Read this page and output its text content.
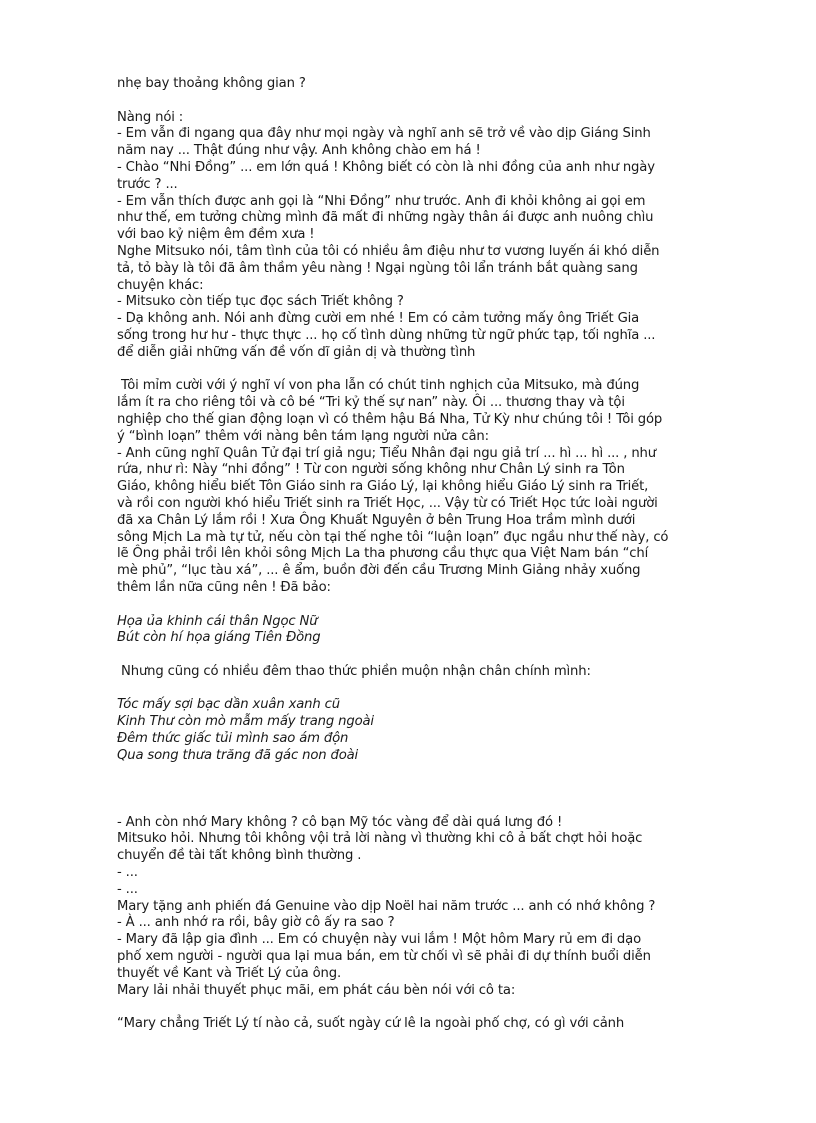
nhẹ bay thoảng không gian ?
Nàng nói :
- Em vẫn đi ngang qua đây như mọi ngày và nghĩ anh sẽ trở về vào dịp Giáng Sinh
năm nay ... Thật đúng như vậy. Anh không chào em há !
- Chào “Nhi Đồng” ... em lớn quá ! Không biết có còn là nhi đồng của anh như ngày
trước ? ...
- Em vẫn thích được anh gọi là “Nhi Đồng” như trước. Anh đi khỏi không ai gọi em
như thế, em tưởng chừng mình đã mất đi những ngày thân ái được anh nuông chìu
với bao kỷ niệm êm đềm xưa !
Nghe Mitsuko nói, tâm tình của tôi có nhiều âm điệu như tơ vương luyến ái khó diễn
tả, tỏ bày là tôi đã âm thầm yêu nàng ! Ngại ngùng tôi lẩn tránh bắt quàng sang
chuyện khác:
- Mitsuko còn tiếp tục đọc sách Triết không ?
- Dạ không anh. Nói anh đừng cười em nhé ! Em có cảm tưởng mấy ông Triết Gia
sống trong hư hư - thực thực ... họ cố tình dùng những từ ngữ phức tạp, tối nghĩa ...
để diễn giải những vấn đề vốn dĩ giản dị và thường tình
Tôi mỉm cười với ý nghĩ ví von pha lẫn có chút tinh nghịch của Mitsuko, mà đúng
lắm ít ra cho riêng tôi và cô bé “Tri kỷ thế sự nan” này. Ôi ... thương thay và tội
nghiệp cho thế gian động loạn vì có thêm hậu Bá Nha, Tử Kỳ như chúng tôi ! Tôi góp
ý “bình loạn” thêm với nàng bên tám lạng người nửa cân:
- Anh cũng nghĩ Quân Tử đại trí giả ngu; Tiểu Nhân đại ngu giả trí ... hì ... hì ... , như
rứa, như rì: Này “nhi đồng” ! Từ con người sống không như Chân Lý sinh ra Tôn
Giáo, không hiểu biết Tôn Giáo sinh ra Giáo Lý, lại không hiểu Giáo Lý sinh ra Triết,
và rồi con người khó hiểu Triết sinh ra Triết Học, ... Vậy từ có Triết Học tức loài người
đã xa Chân Lý lắm rồi ! Xưa Ông Khuất Nguyên ở bên Trung Hoa trầm mình dưới
sông Mịch La mà tự tử, nếu còn tại thế nghe tôi “luận loạn” đục ngầu như thế này, có
lẽ Ông phải trồi lên khỏi sông Mịch La tha phương cầu thực qua Việt Nam bán “chí
mè phủ”, “lục tàu xá”, ... ê ẩm, buồn đời đến cầu Trương Minh Giảng nhảy xuống
thêm lần nữa cũng nên ! Đã bảo:
Họa ủa khinh cái thân Ngọc Nữ
Bút còn hí họa giáng Tiên Đồng
Nhưng cũng có nhiều đêm thao thức phiền muộn nhận chân chính mình:
Tóc mấy sợi bạc dần xuân xanh cũ
Kinh Thư còn mò mẫm mấy trang ngoài
Đêm thức giấc tủi mình sao ám độn
Qua song thưa trăng đã gác non đoài
- Anh còn nhớ Mary không ? cô bạn Mỹ tóc vàng để dài quá lưng đó !
Mitsuko hỏi. Nhưng tôi không vội trả lời nàng vì thường khi cô ả bất chợt hỏi hoặc
chuyển đề tài tất không bình thường .
- ...
- ...
Mary tặng anh phiến đá Genuine vào dịp Noël hai năm trước ... anh có nhớ không ?
- À ... anh nhớ ra rồi, bây giờ cô ấy ra sao ?
- Mary đã lập gia đình ... Em có chuyện này vui lắm ! Một hôm Mary rủ em đi dạo
phố xem người - người qua lại mua bán, em từ chối vì sẽ phải đi dự thính buổi diễn
thuyết về Kant và Triết Lý của ông.
Mary lải nhải thuyết phục mãi, em phát cáu bèn nói với cô ta:
“Mary chẳng Triết Lý tí nào cả, suốt ngày cứ lê la ngoài phố chợ, có gì với cảnh
